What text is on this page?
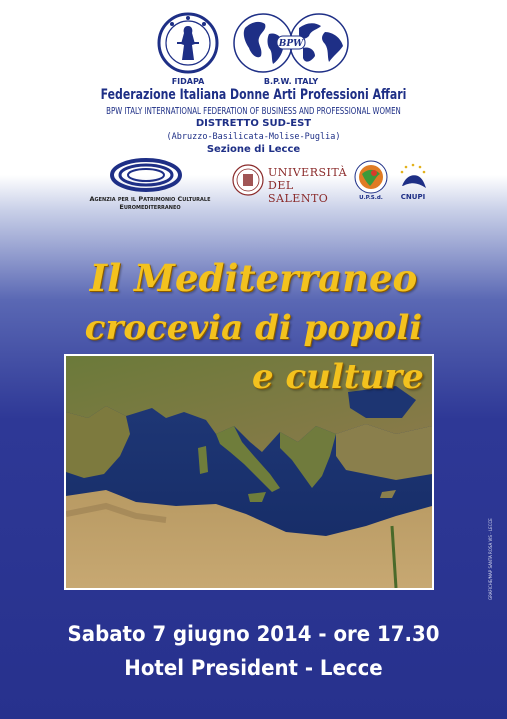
FIDAPA
BPW
B.P.W. ITALY
Federazione Italiana Donne Arti Professioni Affari
BPW ITALY INTERNATIONAL FEDERATION OF BUSINESS AND PROFESSIONAL WOMEN
DISTRETTO SUD-EST
(Abruzzo-Basilicata-Molise-Puglia)
Sezione di Lecce
Agenzia per il Patrimonio Culturale
Euromediterraneo
UNIVERSITÀ
DEL SALENTO	U.P.S.d.	CNUPI
Il Mediterraneo
crocevia di popoli
e culture
Sabato 7 giugno 2014 - ore 17.30
Hotel President - Lecce
GRAFICHE/MAP SANTA ROSA VIS - LECCE
